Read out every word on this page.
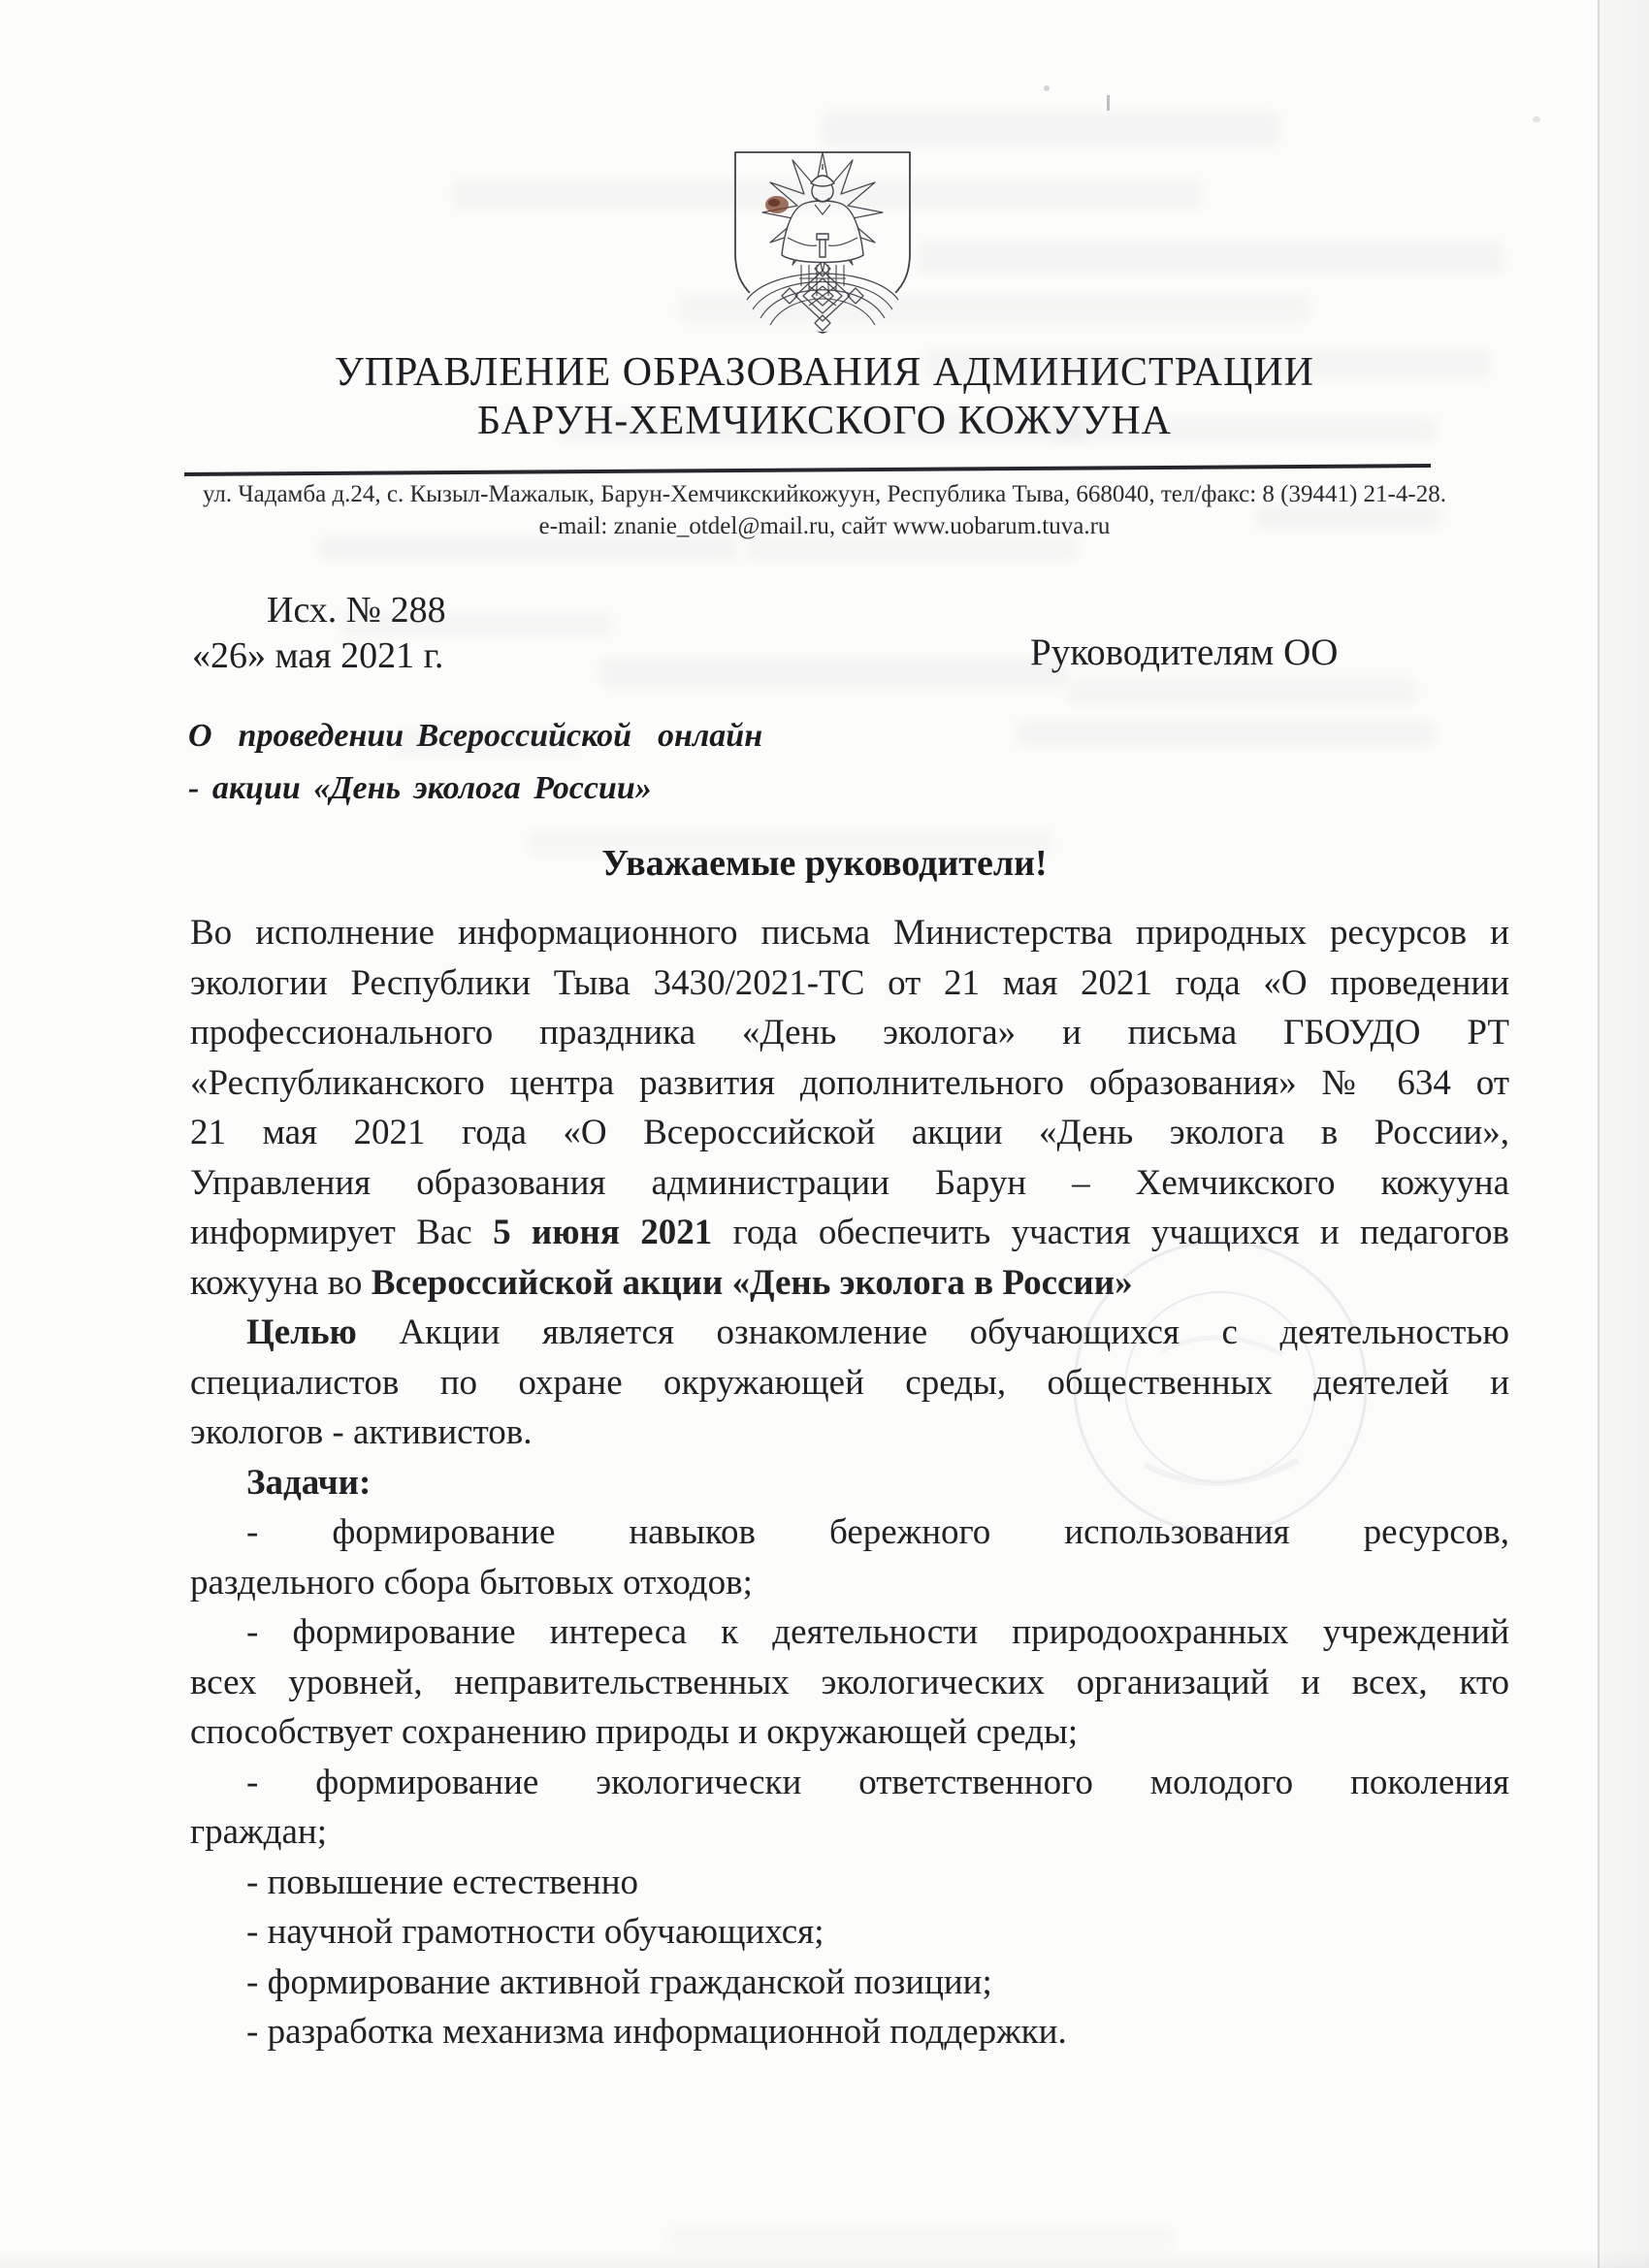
УПРАВЛЕНИЕ ОБРАЗОВАНИЯ АДМИНИСТРАЦИИ
БАРУН-ХЕМЧИКСКОГО КОЖУУНА
ул. Чадамба д.24, с. Кызыл-Мажалык, Барун-Хемчикскийкожуун, Республика Тыва, 668040, тел/факс: 8 (39441) 21-4-28.
e-mail: znanie_otdel@mail.ru, сайт www.uobarum.tuva.ru
Исх. № 288
«26» мая 2021 г.	Руководителям ОО
О  проведении Всероссийской  онлайн
- акции «День эколога России»
Уважаемые руководители!
Во исполнение информационного письма Министерства природных ресурсов и
экологии Республики Тыва 3430/2021-ТС от 21 мая 2021 года «О проведении
профессионального праздника «День эколога» и письма ГБОУДО РТ
«Республиканского центра развития дополнительного образования» № 634 от
21 мая 2021 года «О Всероссийской акции «День эколога в России»,
Управления образования администрации Барун – Хемчикского кожууна
информирует Вас 5 июня 2021 года обеспечить участия учащихся и педагогов
кожууна во Всероссийской акции «День эколога в России»
Целью Акции является ознакомление обучающихся с деятельностью
специалистов по охране окружающей среды, общественных деятелей и
экологов - активистов.
Задачи:
- формирование навыков бережного использования ресурсов,
раздельного сбора бытовых отходов;
- формирование интереса к деятельности природоохранных учреждений
всех уровней, неправительственных экологических организаций и всех, кто
способствует сохранению природы и окружающей среды;
- формирование экологически ответственного молодого поколения
граждан;
- повышение естественно
- научной грамотности обучающихся;
- формирование активной гражданской позиции;
- разработка механизма информационной поддержки.
